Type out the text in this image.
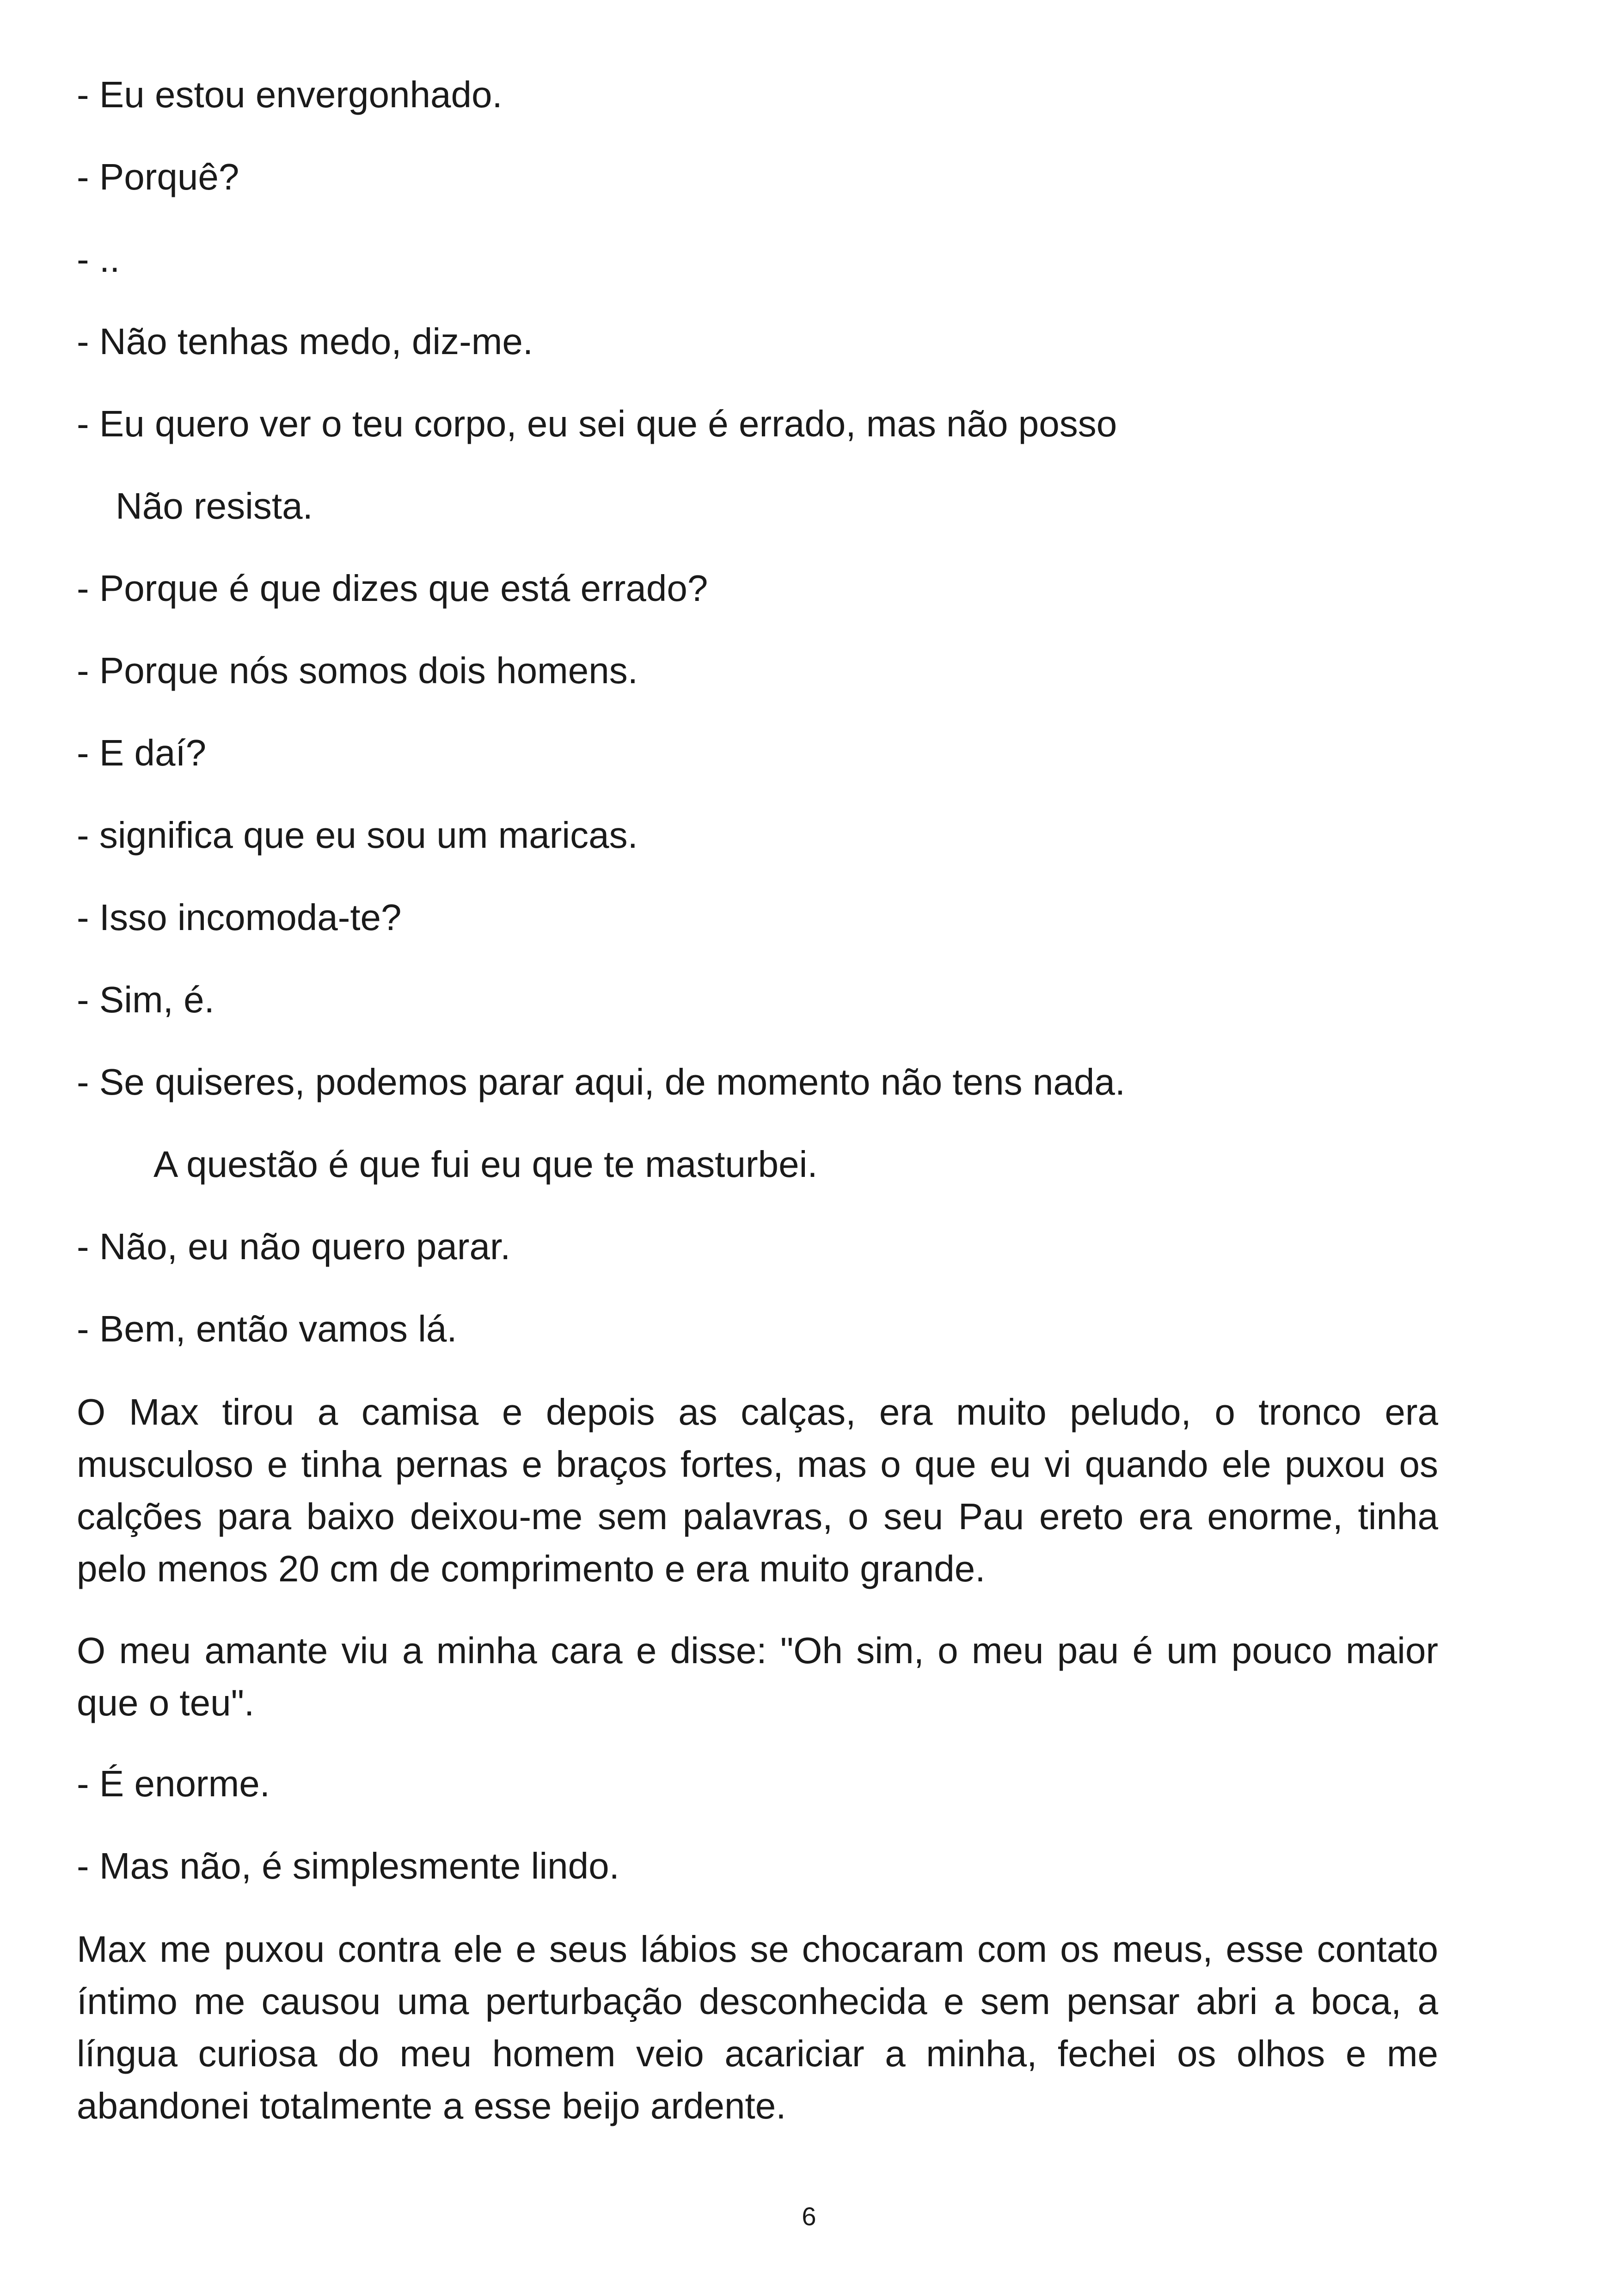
- Eu estou envergonhado.

- Porquê?

- ..

- Não tenhas medo, diz-me.

- Eu quero ver o teu corpo, eu sei que é errado, mas não posso

Não resista.

- Porque é que dizes que está errado?

- Porque nós somos dois homens.

- E daí?

- significa que eu sou um maricas.

- Isso incomoda-te?

- Sim, é.

- Se quiseres, podemos parar aqui, de momento não tens nada.

A questão é que fui eu que te masturbei.

- Não, eu não quero parar.

- Bem, então vamos lá.

O Max tirou a camisa e depois as calças, era muito peludo, o tronco era musculoso e tinha pernas e braços fortes, mas o que eu vi quando ele puxou os calções para baixo deixou-me sem palavras, o seu Pau ereto era enorme, tinha pelo menos 20 cm de comprimento e era muito grande.

O meu amante viu a minha cara e disse: "Oh sim, o meu pau é um pouco maior que o teu".

- É enorme.

- Mas não, é simplesmente lindo.

Max me puxou contra ele e seus lábios se chocaram com os meus, esse contato íntimo me causou uma perturbação desconhecida e sem pensar abri a boca, a língua curiosa do meu homem veio acariciar a minha, fechei os olhos e me abandonei totalmente a esse beijo ardente.

6
